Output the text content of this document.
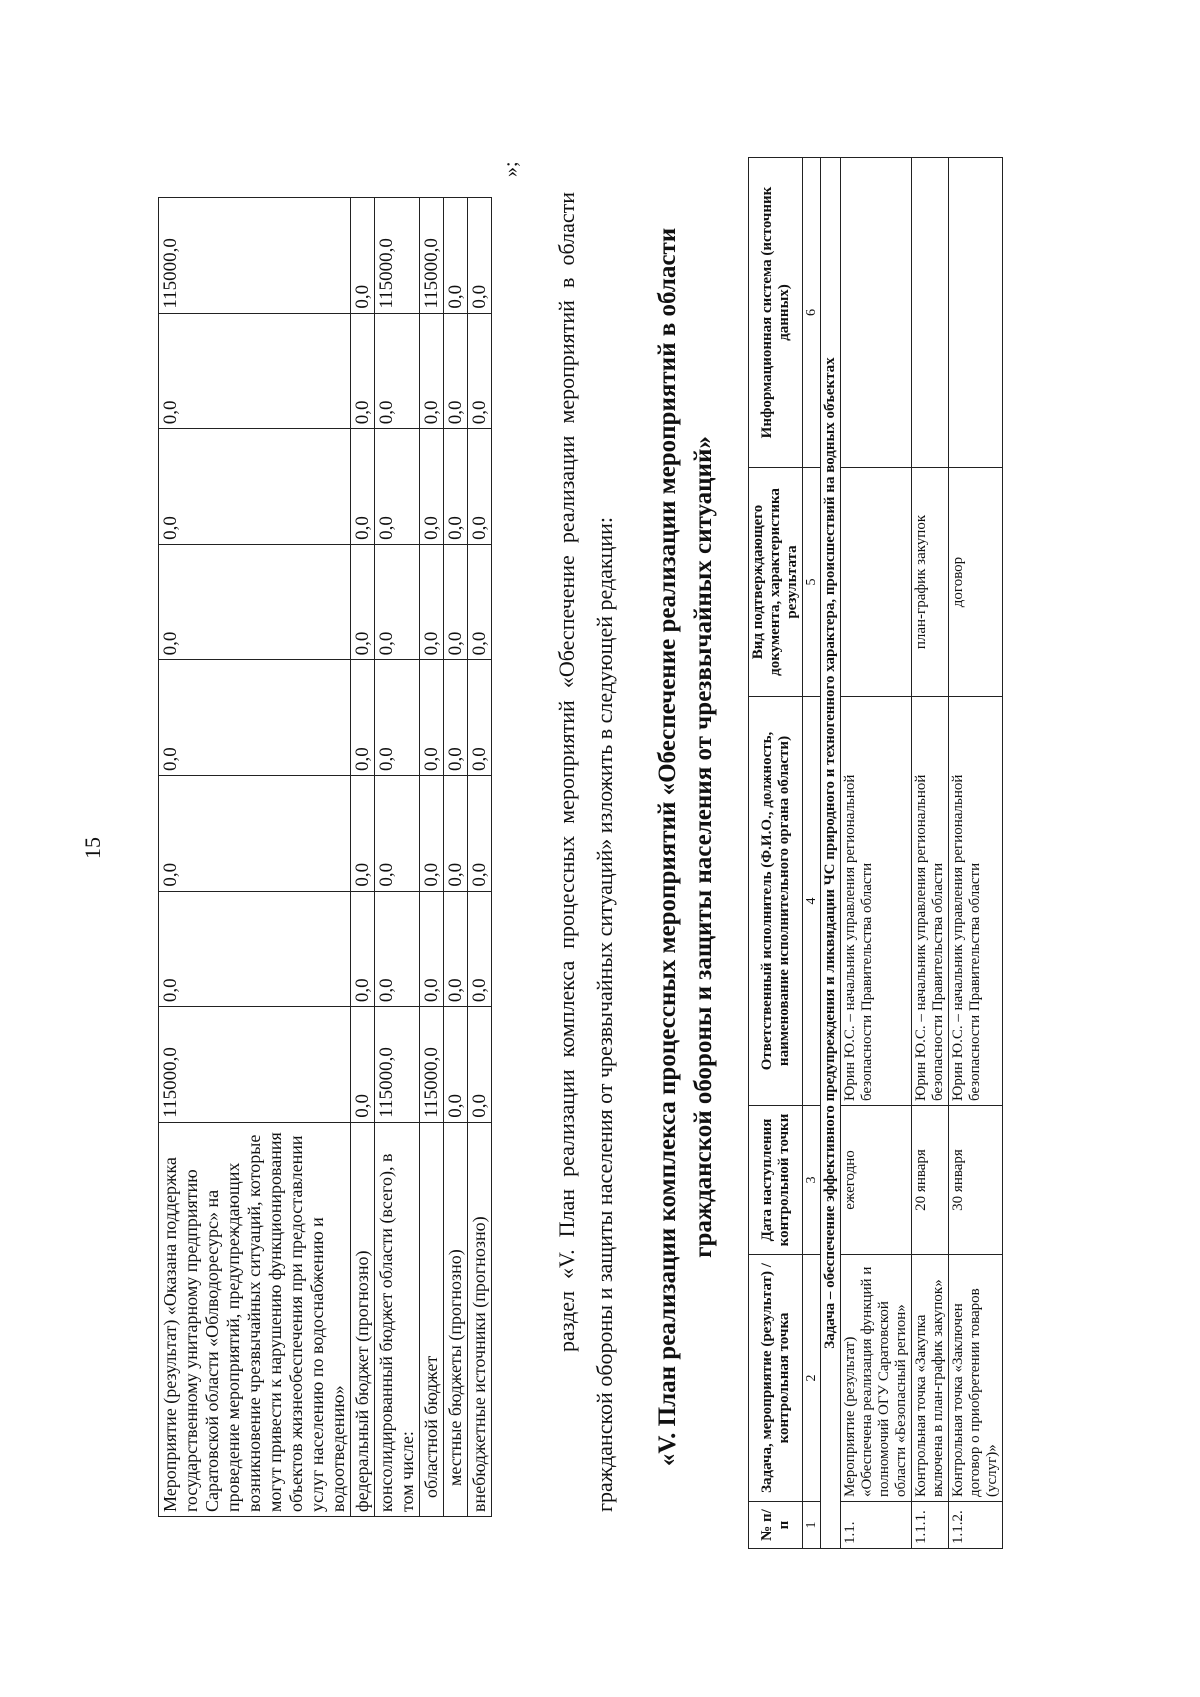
15
Мероприятие (результат) «Оказана поддержка государственному унитарному предприятию Саратовской области «Облводоресурс» на проведение мероприятий, предупреждающих возникновение чрезвычайных ситуаций, которые могут привести к нарушению функционирования объектов жизнеобеспечения при предоставлении услуг населению по водоснабжению и водоотведению»	115000,0	0,0	0,0	0,0	0,0	0,0	0,0	115000,0
федеральный бюджет (прогнозно)	0,0	0,0	0,0	0,0	0,0	0,0	0,0	0,0
консолидированный бюджет области (всего), в том числе:	115000,0	0,0	0,0	0,0	0,0	0,0	0,0	115000,0
областной бюджет	115000,0	0,0	0,0	0,0	0,0	0,0	0,0	115000,0
местные бюджеты (прогнозно)	0,0	0,0	0,0	0,0	0,0	0,0	0,0	0,0
внебюджетные источники (прогнозно)	0,0	0,0	0,0	0,0	0,0	0,0	0,0	0,0
»;
раздел «V. План реализации комплекса процессных мероприятий «Обеспечение реализации мероприятий в области гражданской обороны и защиты населения от чрезвычайных ситуаций» изложить в следующей редакции: «V. План реализации комплекса процессных мероприятий «Обеспечение реализации мероприятий в области гражданской обороны и защиты населения от чрезвычайных ситуаций»
№ п/п	Задача, мероприятие (результат) / контрольная точка	Дата наступления контрольной точки	Ответственный исполнитель (Ф.И.О., должность, наименование исполнительного органа области)	Вид подтверждающего документа, характеристика результата	Информационная система (источник данных)
1	2	3	4	5	6
Задача – обеспечение эффективного предупреждения и ликвидации ЧС природного и техногенного характера, происшествий на водных объектах					
1.1.	Мероприятие (результат) «Обеспечена реализация функций и полномочий ОГУ Саратовской области «Безопасный регион»	ежегодно	Юрин Ю.С. – начальник управления региональной безопасности Правительства области		
1.1.1.	Контрольная точка «Закупка включена в план-график закупок»	20 января	Юрин Ю.С. – начальник управления региональной безопасности Правительства области	план-график закупок	
1.1.2.	Контрольная точка «Заключен договор о приобретении товаров (услуг)»	30 января	Юрин Ю.С. – начальник управления региональной безопасности Правительства области	договор	
